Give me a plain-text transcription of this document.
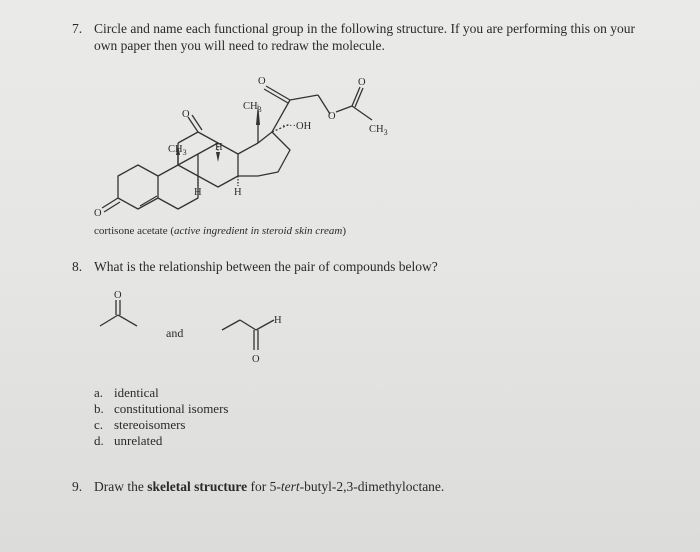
7. Circle and name each functional group in the following structure. If you are performing this on your
own paper then you will need to redraw the molecule.
$CH_3$
$CH_3$
$CH_3$
····OH
H
H	H
O
O
O
O
O
O
H
O
cortisone acetate (active ingredient in steroid skin cream)
8. What is the relationship between the pair of compounds below?
and
a. identical
b. constitutional isomers
c. stereoisomers
d. unrelated
9. Draw the skeletal structure for 5-tert-butyl-2,3-dimethyloctane.
